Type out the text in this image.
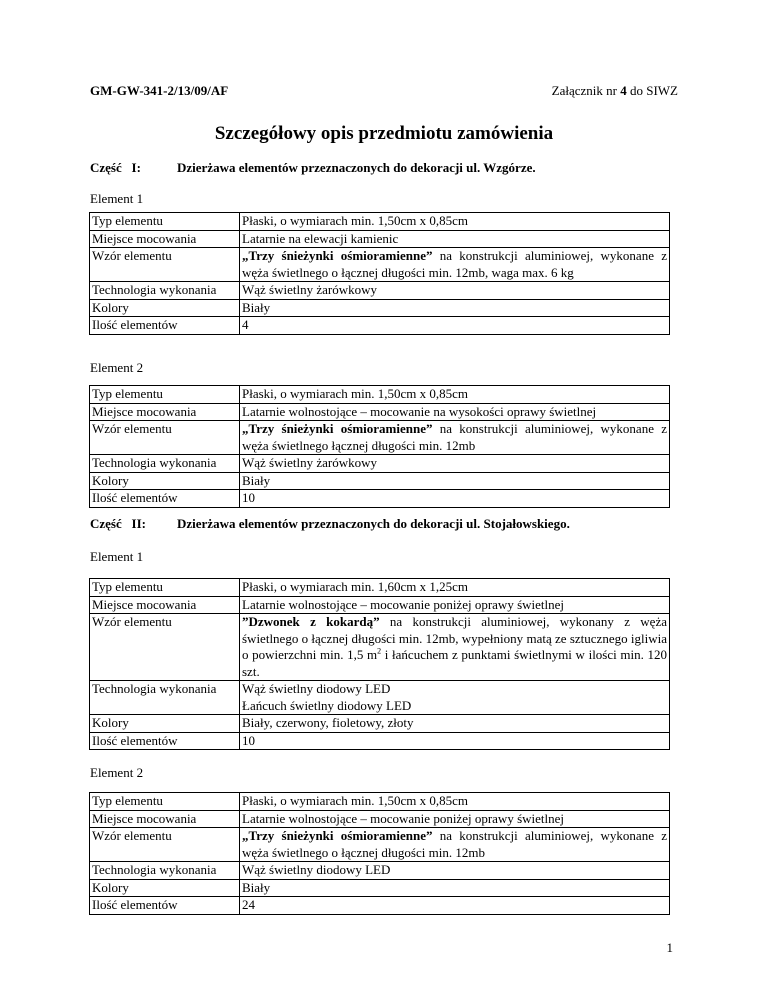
GM-GW-341-2/13/09/AF	Załącznik nr 4 do SIWZ
Szczegółowy opis przedmiotu zamówienia
Część   I:	Dzierżawa elementów przeznaczonych do dekoracji ul. Wzgórze.
Element 1
Typ elementu	Płaski, o wymiarach min. 1,50cm x 0,85cm
Miejsce mocowania	Latarnie na elewacji kamienic
Wzór elementu	„Trzy śnieżynki ośmioramienne” na konstrukcji aluminiowej, wykonane z węża świetlnego o łącznej długości min. 12mb, waga max. 6 kg
Technologia wykonania	Wąż świetlny żarówkowy
Kolory	Biały
Ilość elementów	4
Element 2
Typ elementu	Płaski, o wymiarach min. 1,50cm x 0,85cm
Miejsce mocowania	Latarnie wolnostojące – mocowanie na wysokości oprawy świetlnej
Wzór elementu	„Trzy śnieżynki ośmioramienne” na konstrukcji aluminiowej, wykonane z węża świetlnego łącznej długości min. 12mb
Technologia wykonania	Wąż świetlny żarówkowy
Kolory	Biały
Ilość elementów	10
Część   II: Dzierżawa elementów przeznaczonych do dekoracji ul. Stojałowskiego.
Element 1
Typ elementu	Płaski, o wymiarach min. 1,60cm x 1,25cm
Miejsce mocowania	Latarnie wolnostojące – mocowanie poniżej oprawy świetlnej
Wzór elementu	”Dzwonek z kokardą” na konstrukcji aluminiowej, wykonany z węża świetlnego o łącznej długości min. 12mb, wypełniony matą ze sztucznego igliwia o powierzchni min. 1,5 $m^2$ i łańcuchem z punktami świetlnymi w ilości min. 120 szt.
Technologia wykonania	Wąż świetlny diodowy LED
Łańcuch świetlny diodowy LED

Kolory	Biały, czerwony, fioletowy, złoty
Ilość elementów	10
Element 2
Typ elementu	Płaski, o wymiarach min. 1,50cm x 0,85cm
Miejsce mocowania	Latarnie wolnostojące – mocowanie poniżej oprawy świetlnej
Wzór elementu	„Trzy śnieżynki ośmioramienne” na konstrukcji aluminiowej, wykonane z węża świetlnego o łącznej długości min. 12mb
Technologia wykonania	Wąż świetlny diodowy LED
Kolory	Biały
Ilość elementów	24
1
